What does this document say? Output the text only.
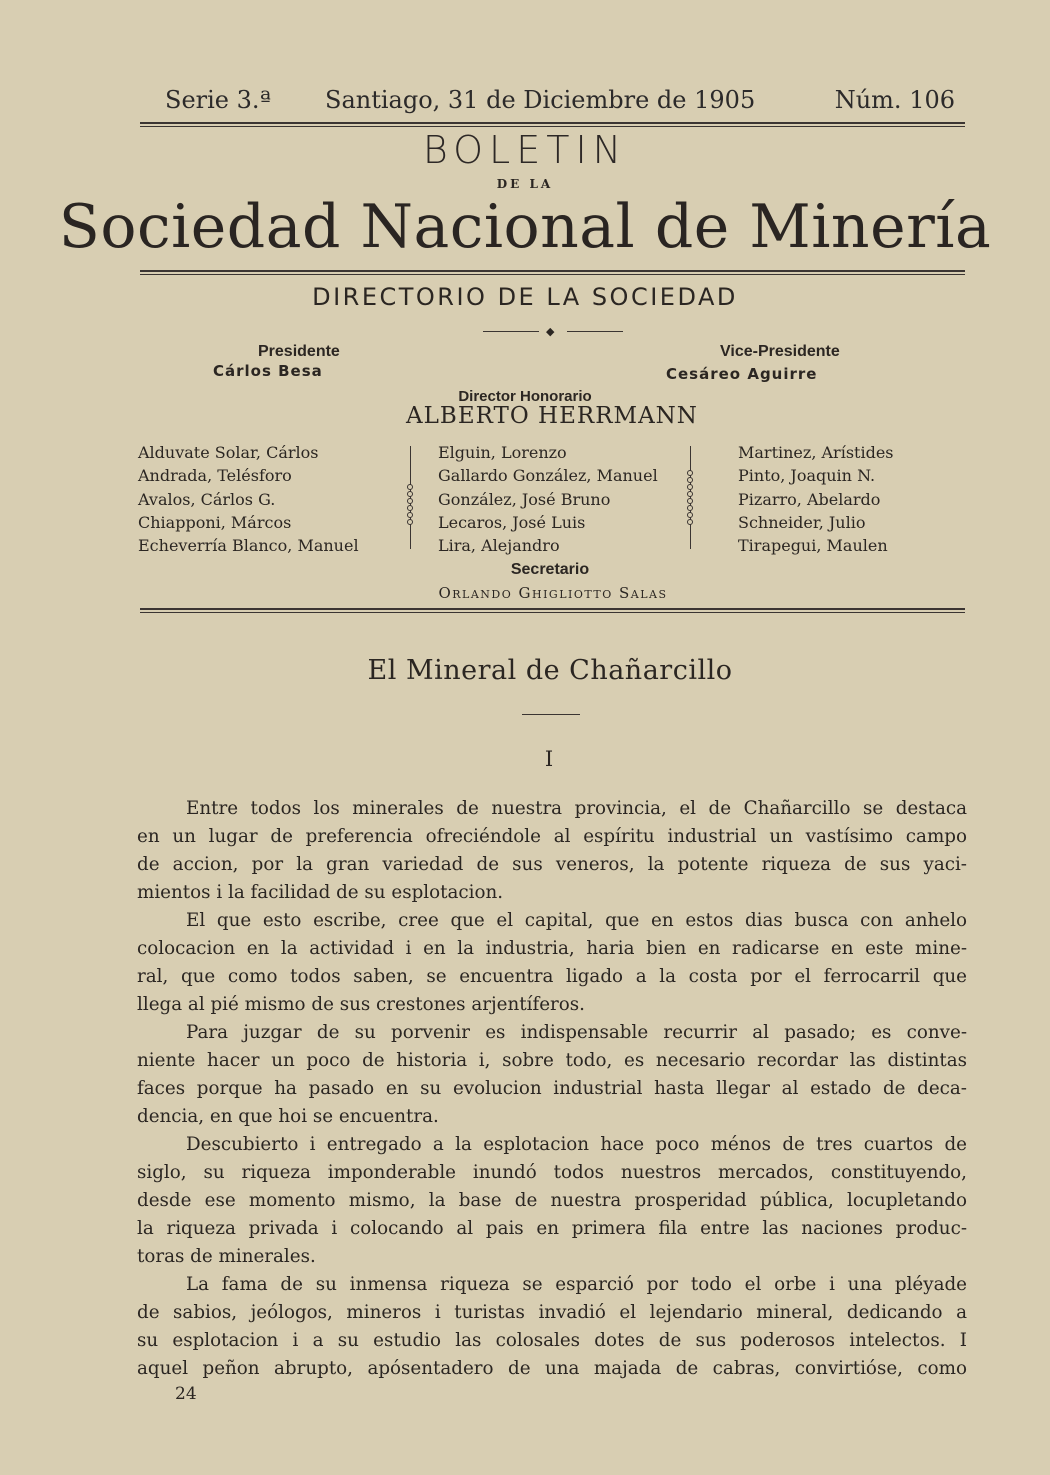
Serie 3.ª Santiago, 31 de Diciembre de 1905	Núm. 106
BOLETIN
DE LA
Sociedad Nacional de Minería
DIRECTORIO DE LA SOCIEDAD
◆
Presidente
Cárlos Besa
Vice-Presidente
Cesáreo Aguirre
Director Honorario
ALBERTO HERRMANN
Alduvate Solar, Cárlos
Andrada, Telésforo
Avalos, Cárlos G.
Chiapponi, Márcos
Echeverría Blanco, Manuel
Elguin, Lorenzo
Gallardo González, Manuel
González, José Bruno
Lecaros, José Luis
Lira, Alejandro
Martinez, Arístides
Pinto, Joaquin N.
Pizarro, Abelardo
Schneider, Julio
Tirapegui, Maulen
Secretario
Orlando Ghigliotto Salas
El Mineral de Chañarcillo
I
Entre todos los minerales de nuestra provincia, el de Chañarcillo se destaca
en un lugar de preferencia ofreciéndole al espíritu industrial un vastísimo campo
de accion, por la gran variedad de sus veneros, la potente riqueza de sus yaci-
mientos i la facilidad de su esplotacion.
El que esto escribe, cree que el capital, que en estos dias busca con anhelo
colocacion en la actividad i en la industria, haria bien en radicarse en este mine-
ral, que como todos saben, se encuentra ligado a la costa por el ferrocarril que
llega al pié mismo de sus crestones arjentíferos.
Para juzgar de su porvenir es indispensable recurrir al pasado; es conve-
niente hacer un poco de historia i, sobre todo, es necesario recordar las distintas
faces porque ha pasado en su evolucion industrial hasta llegar al estado de deca-
dencia, en que hoi se encuentra.
Descubierto i entregado a la esplotacion hace poco ménos de tres cuartos de
siglo, su riqueza imponderable inundó todos nuestros mercados, constituyendo,
desde ese momento mismo, la base de nuestra prosperidad pública, locupletando
la riqueza privada i colocando al pais en primera fila entre las naciones produc-
toras de minerales.
La fama de su inmensa riqueza se esparció por todo el orbe i una pléyade
de sabios, jeólogos, mineros i turistas invadió el lejendario mineral, dedicando a
su esplotacion i a su estudio las colosales dotes de sus poderosos intelectos. I
aquel peñon abrupto, apósentadero de una majada de cabras, convirtióse, como
24
